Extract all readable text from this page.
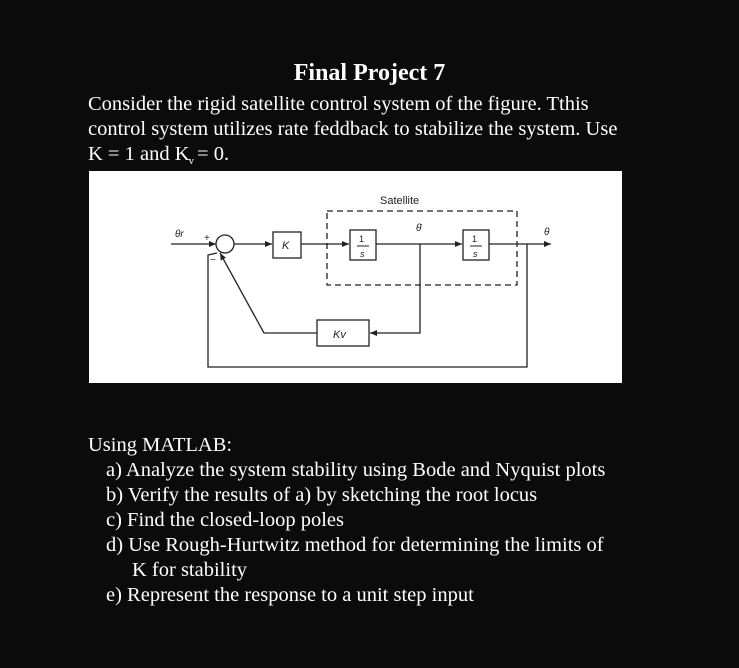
Final Project 7
Consider the rigid satellite control system of the figure. Tthis
control system utilizes rate feddback to stabilize the system. Use
K = 1 and $K_v = 0$.
Satellite
θr +
−
K
1
s
1
s
θ̇	θ
Kv
Using MATLAB:
a) Analyze the system stability using Bode and Nyquist plots
b) Verify the results of a) by sketching the root locus
c) Find the closed-loop poles
d) Use Rough-Hurtwitz method for determining the limits of
K for stability
e) Represent the response to a unit step input
